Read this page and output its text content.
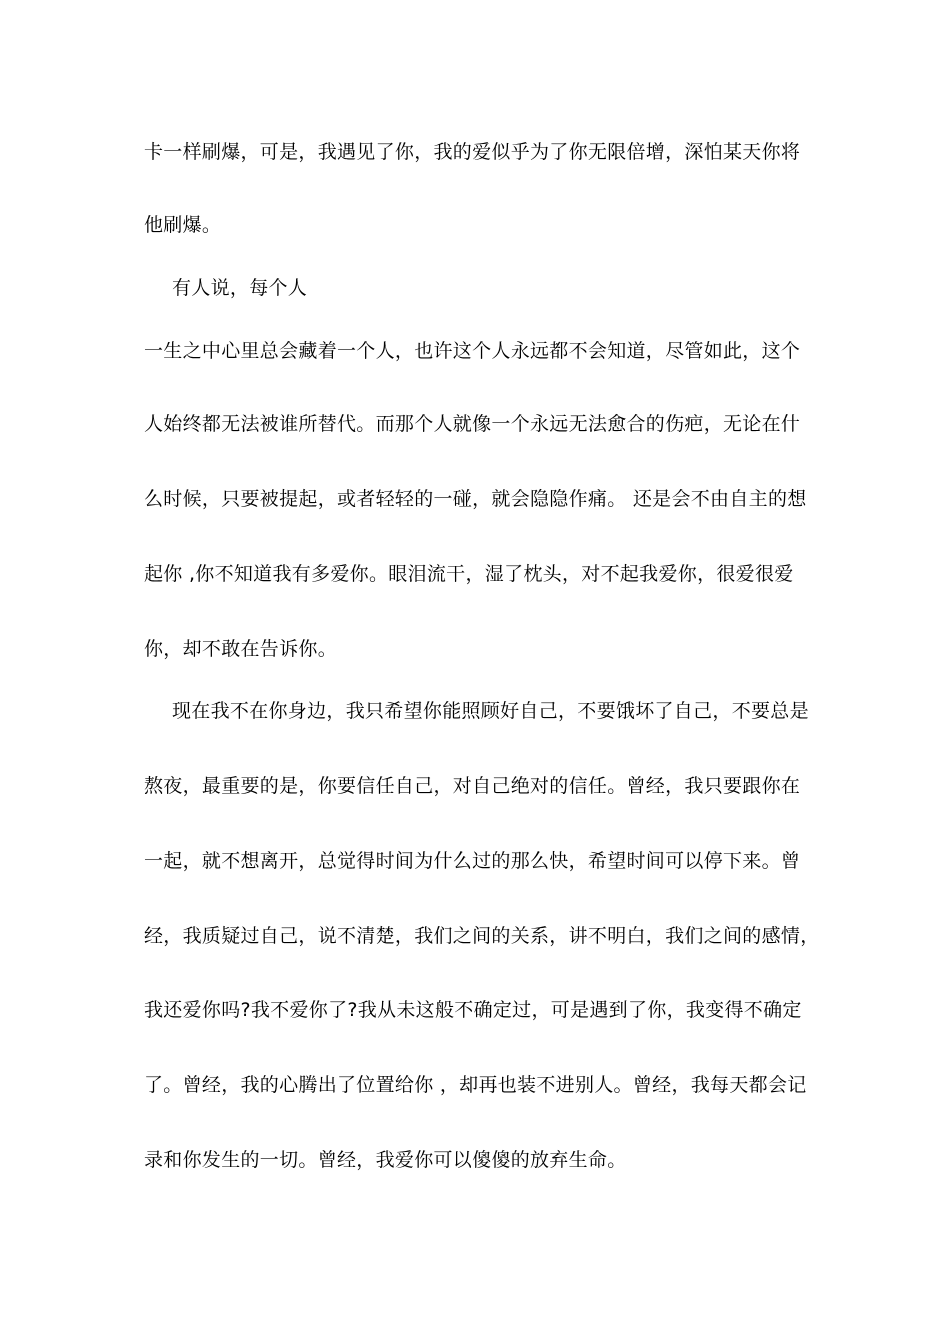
卡一样刷爆，可是，我遇见了你，我的爱似乎为了你无限倍增，深怕某天你将
他刷爆。
有人说，每个人
一生之中心里总会藏着一个人，也许这个人永远都不会知道，尽管如此，这个
人始终都无法被谁所替代。而那个人就像一个永远无法愈合的伤疤，无论在什
么时候，只要被提起，或者轻轻的一碰，就会隐隐作痛。 还是会不由自主的想
起你 ,你不知道我有多爱你。眼泪流干，湿了枕头，对不起我爱你，很爱很爱
你，却不敢在告诉你。
现在我不在你身边，我只希望你能照顾好自己，不要饿坏了自己，不要总是
熬夜，最重要的是，你要信任自己，对自己绝对的信任。曾经，我只要跟你在
一起，就不想离开，总觉得时间为什么过的那么快，希望时间可以停下来。曾
经，我质疑过自己，说不清楚，我们之间的关系，讲不明白，我们之间的感情，
我还爱你吗?我不爱你了?我从未这般不确定过，可是遇到了你，我变得不确定
了。曾经，我的心腾出了位置给你 ，却再也装不进别人。曾经，我每天都会记
录和你发生的一切。曾经，我爱你可以傻傻的放弃生命。
